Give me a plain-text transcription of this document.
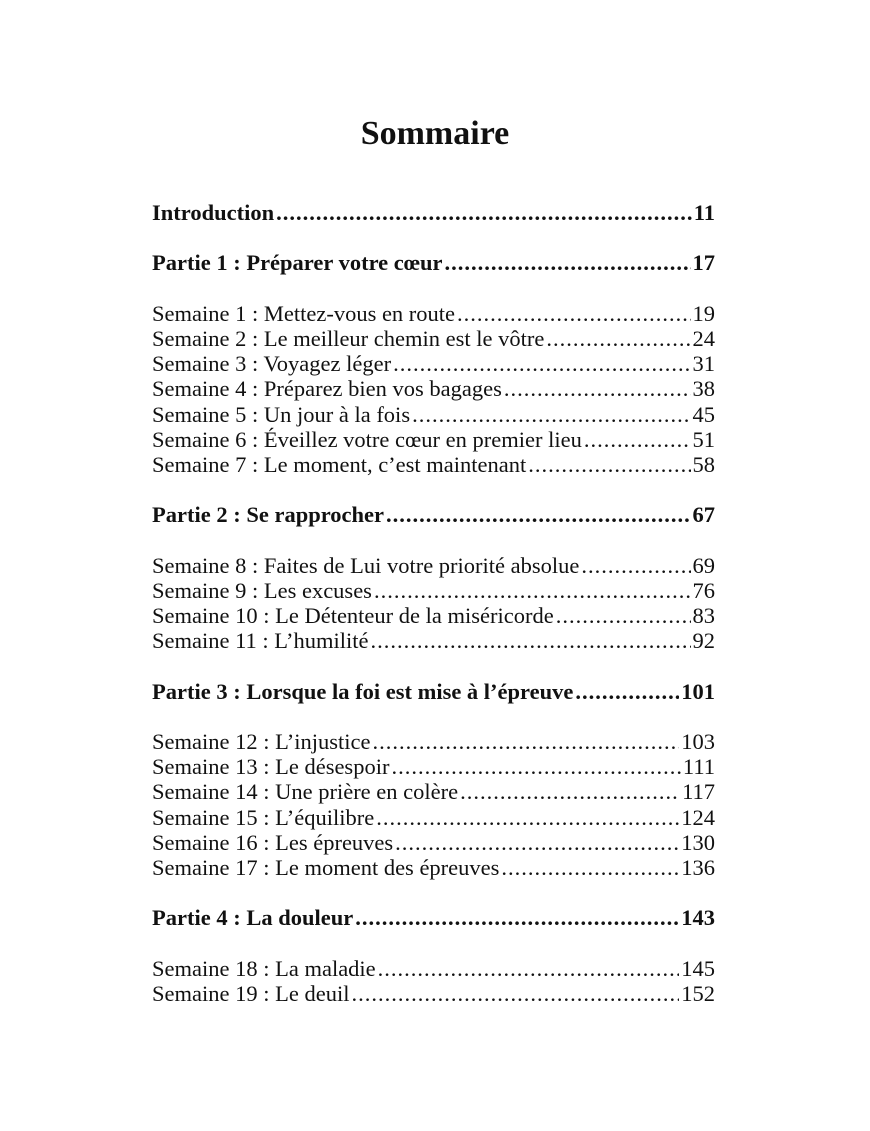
Sommaire
Introduction .....	11
Partie 1 : Préparer votre cœur .....	17
Semaine 1 : Mettez-vous en route .....	19
Semaine 2 : Le meilleur chemin est le vôtre .....	24
Semaine 3 : Voyagez léger .....	31
Semaine 4 : Préparez bien vos bagages .....	38
Semaine 5 : Un jour à la fois .....	45
Semaine 6 : Éveillez votre cœur en premier lieu .....	51
Semaine 7 : Le moment, c’est maintenant .....	58
Partie 2 : Se rapprocher .....	67
Semaine 8 : Faites de Lui votre priorité absolue .....	69
Semaine 9 : Les excuses .....	76
Semaine 10 : Le Détenteur de la miséricorde .....	83
Semaine 11 : L’humilité .....	92
Partie 3 : Lorsque la foi est mise à l’épreuve .....	101
Semaine 12 : L’injustice .....	103
Semaine 13 : Le désespoir .....	111
Semaine 14 : Une prière en colère .....	117
Semaine 15 : L’équilibre .....	124
Semaine 16 : Les épreuves .....	130
Semaine 17 : Le moment des épreuves .....	136
Partie 4 : La douleur .....	143
Semaine 18 : La maladie .....	145
Semaine 19 : Le deuil .....	152
